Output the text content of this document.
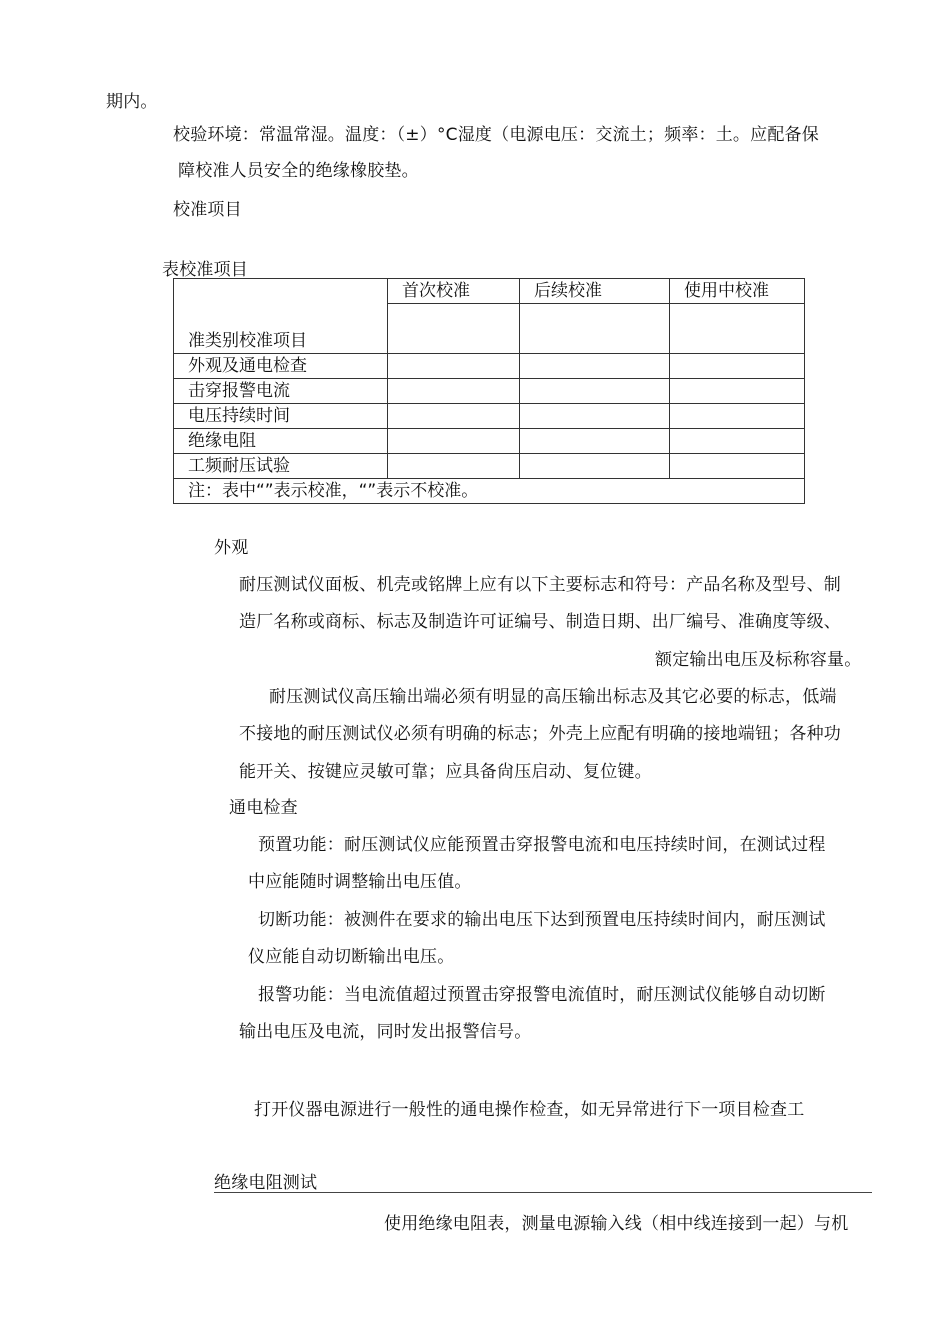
期内。
校验环境：常温常湿。温度：（±）°C湿度（电源电压：交流土；频率：土。应配备保
障校准人员安全的绝缘橡胶垫。
校准项目
表校准项目
准类别校准项目	首次校准	后续校准	使用中校准

外观及通电检查			
击穿报警电流			
电压持续时间			
绝缘电阻			
工频耐压试验			
注：表中“”表示校准，“”表示不校准。			
外观
耐压测试仪面板、机壳或铭牌上应有以下主要标志和符号：产品名称及型号、制
造厂名称或商标、标志及制造许可证编号、制造日期、出厂编号、准确度等级、
额定输出电压及标称容量。
耐压测试仪高压输出端必须有明显的高压输出标志及其它必要的标志，低端
不接地的耐压测试仪必须有明确的标志；外壳上应配有明确的接地端钮；各种功
能开关、按键应灵敏可靠；应具备尙压启动、复位键。
通电检查
预置功能：耐压测试仪应能预置击穿报警电流和电压持续时间，在测试过程
中应能随时调整输出电压值。
切断功能：被测件在要求的输出电压下达到预置电压持续时间内，耐压测试
仪应能自动切断输出电压。
报警功能：当电流值超过预置击穿报警电流值时，耐压测试仪能够自动切断
输出电压及电流，同时发出报警信号。
打开仪器电源进行一般性的通电操作检查，如无异常进行下一项目检查工
绝缘电阻测试
使用绝缘电阻表，测量电源输入线（相中线连接到一起）与机
